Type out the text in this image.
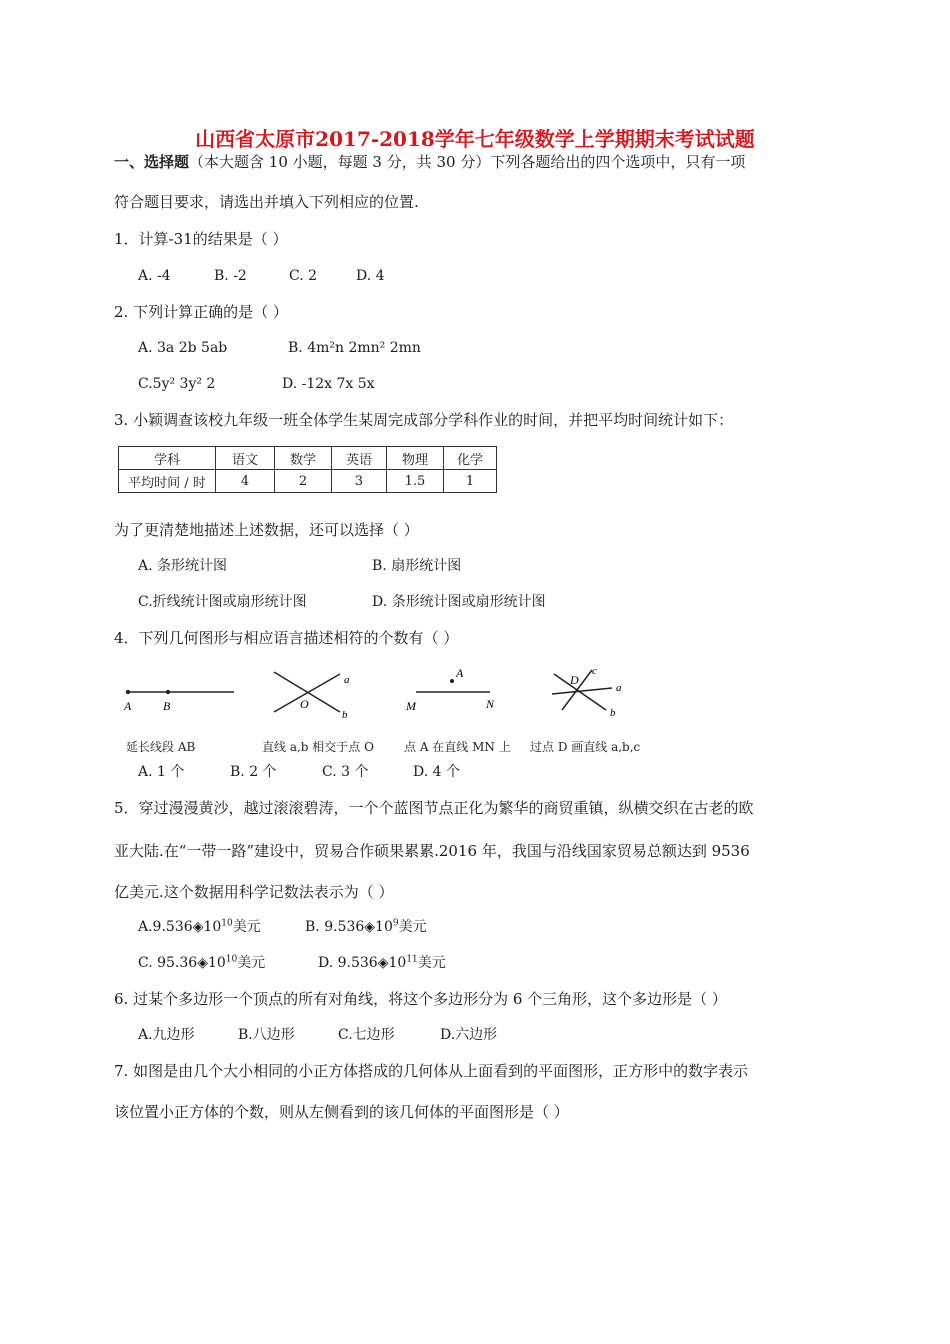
山西省太原市2017-2018学年七年级数学上学期期末考试试题
一、选择题（本大题含 10 小题，每题 3 分，共 30 分）下列各题给出的四个选项中，只有一项
符合题目要求，请选出并填入下列相应的位置.
1．计算-31的结果是（ ）
A. -4	B. -2	C. 2	D. 4
2. 下列计算正确的是（ ）
A. 3a 2b 5ab	B. 4m²n 2mn² 2mn
C.5y² 3y² 2	D. -12x 7x 5x
3. 小颖调查该校九年级一班全体学生某周完成部分学科作业的时间，并把平均时间统计如下：
学科	语文	数学	英语	物理	化学
平均时间 / 时	4	2	3	1.5	1
为了更清楚地描述上述数据，还可以选择（ ）
A. 条形统计图	B. 扇形统计图
C.折线统计图或扇形统计图	D. 条形统计图或扇形统计图
4．下列几何图形与相应语言描述相符的个数有（ ）
A	B
a
b
O
A
M	N
D
c
a
b
延长线段 AB	直线 a,b 相交于点 O	点 A 在直线 MN 上 过点 D 画直线 a,b,c
A. 1 个	B. 2 个	C. 3 个	D. 4 个
5．穿过漫漫黄沙，越过滚滚碧涛，一个个蓝图节点正化为繁华的商贸重镇，纵横交织在古老的欧
亚大陆.在“一带一路”建设中，贸易合作硕果累累.2016 年，我国与沿线国家贸易总额达到 9536
亿美元.这个数据用科学记数法表示为（ ）
$A.9.536◈10^{10}$美元	B. $9.536◈10^9$美元
C. $95.36◈10^{10}$美元	D. $9.536◈10^{11}$美元
6. 过某个多边形一个顶点的所有对角线，将这个多边形分为 6 个三角形，这个多边形是（ ）
A.九边形	B.八边形	C.七边形	D.六边形
7. 如图是由几个大小相同的小正方体搭成的几何体从上面看到的平面图形，正方形中的数字表示
该位置小正方体的个数，则从左侧看到的该几何体的平面图形是（ ）
